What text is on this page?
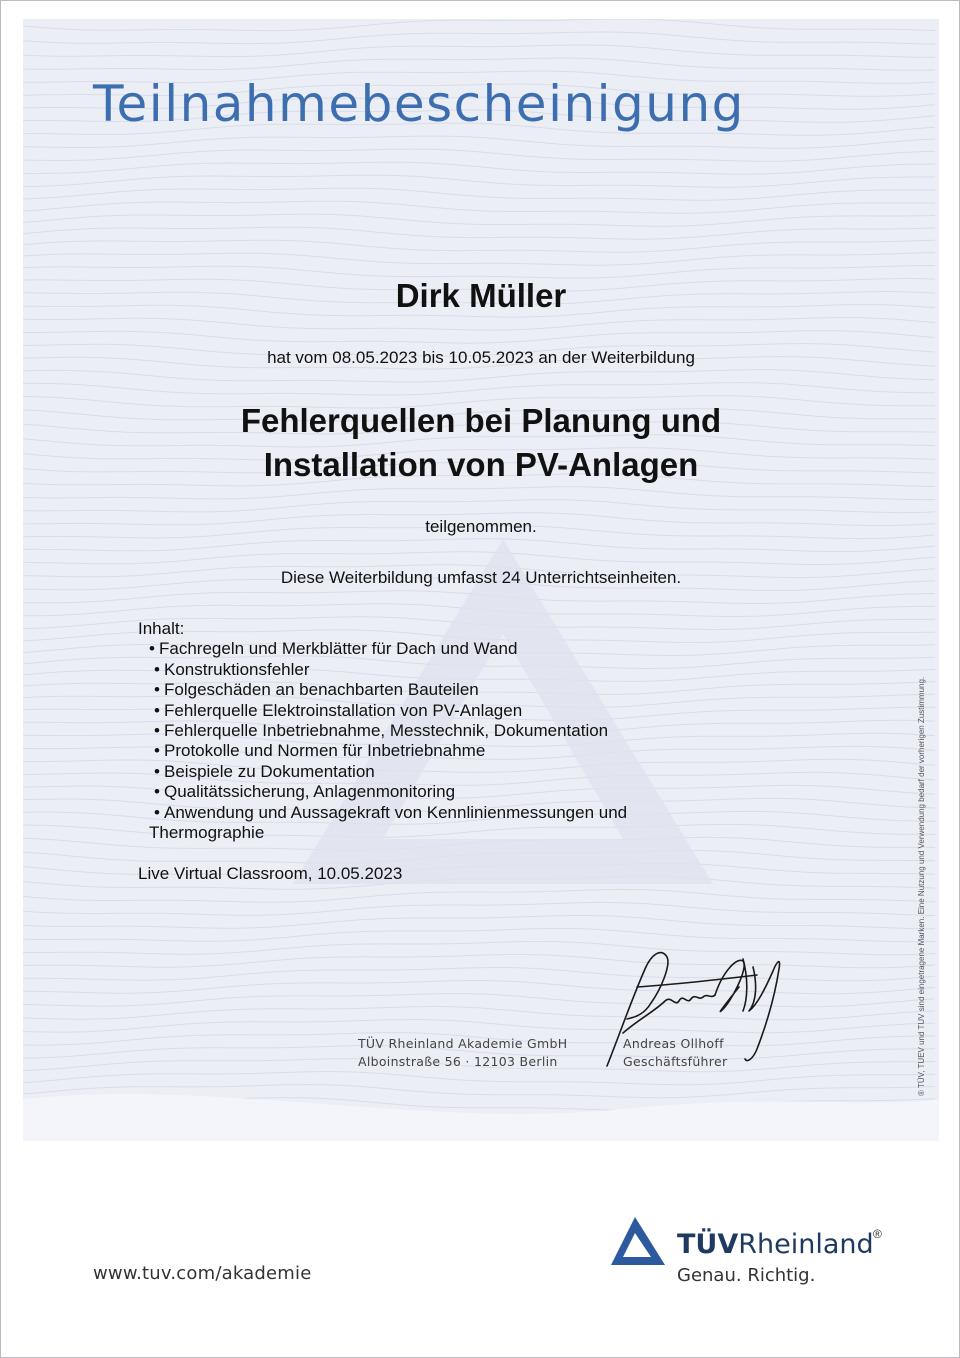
Teilnahmebescheinigung
Dirk Müller
hat vom 08.05.2023 bis 10.05.2023 an der Weiterbildung
Fehlerquellen bei Planung und
Installation von PV-Anlagen
teilgenommen.
Diese Weiterbildung umfasst 24 Unterrichtseinheiten.
Inhalt:
• Fachregeln und Merkblätter für Dach und Wand
• Konstruktionsfehler
• Folgeschäden an benachbarten Bauteilen
• Fehlerquelle Elektroinstallation von PV-Anlagen
• Fehlerquelle Inbetriebnahme, Messtechnik, Dokumentation
• Protokolle und Normen für Inbetriebnahme
• Beispiele zu Dokumentation
• Qualitätssicherung, Anlagenmonitoring
• Anwendung und Aussagekraft von Kennlinienmessungen und
Thermographie
Live Virtual Classroom, 10.05.2023
TÜV Rheinland Akademie GmbH
Alboinstraße 56 · 12103 Berlin
Andreas Ollhoff
Geschäftsführer	® TÜV, TUEV und TUV sind eingetragene Marken. Eine Nutzung und Verwendung bedarf der vorherigen Zustimmung.
www.tuv.com/akademie
TÜVRheinland ®
Genau. Richtig.
